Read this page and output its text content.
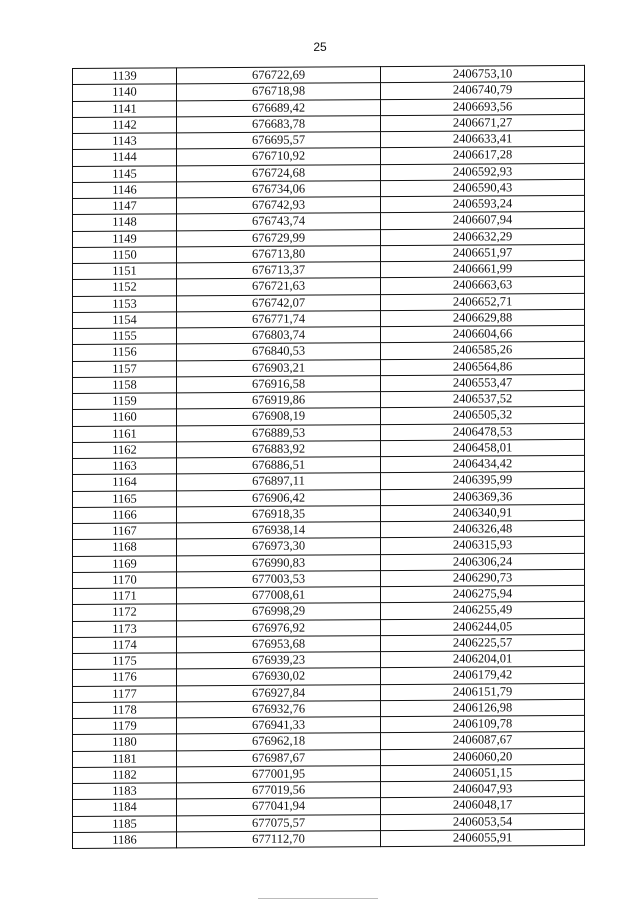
25
1139	676722,69	2406753,10
1140	676718,98	2406740,79
1141	676689,42	2406693,56
1142	676683,78	2406671,27
1143	676695,57	2406633,41
1144	676710,92	2406617,28
1145	676724,68	2406592,93
1146	676734,06	2406590,43
1147	676742,93	2406593,24
1148	676743,74	2406607,94
1149	676729,99	2406632,29
1150	676713,80	2406651,97
1151	676713,37	2406661,99
1152	676721,63	2406663,63
1153	676742,07	2406652,71
1154	676771,74	2406629,88
1155	676803,74	2406604,66
1156	676840,53	2406585,26
1157	676903,21	2406564,86
1158	676916,58	2406553,47
1159	676919,86	2406537,52
1160	676908,19	2406505,32
1161	676889,53	2406478,53
1162	676883,92	2406458,01
1163	676886,51	2406434,42
1164	676897,11	2406395,99
1165	676906,42	2406369,36
1166	676918,35	2406340,91
1167	676938,14	2406326,48
1168	676973,30	2406315,93
1169	676990,83	2406306,24
1170	677003,53	2406290,73
1171	677008,61	2406275,94
1172	676998,29	2406255,49
1173	676976,92	2406244,05
1174	676953,68	2406225,57
1175	676939,23	2406204,01
1176	676930,02	2406179,42
1177	676927,84	2406151,79
1178	676932,76	2406126,98
1179	676941,33	2406109,78
1180	676962,18	2406087,67
1181	676987,67	2406060,20
1182	677001,95	2406051,15
1183	677019,56	2406047,93
1184	677041,94	2406048,17
1185	677075,57	2406053,54
1186	677112,70	2406055,91
